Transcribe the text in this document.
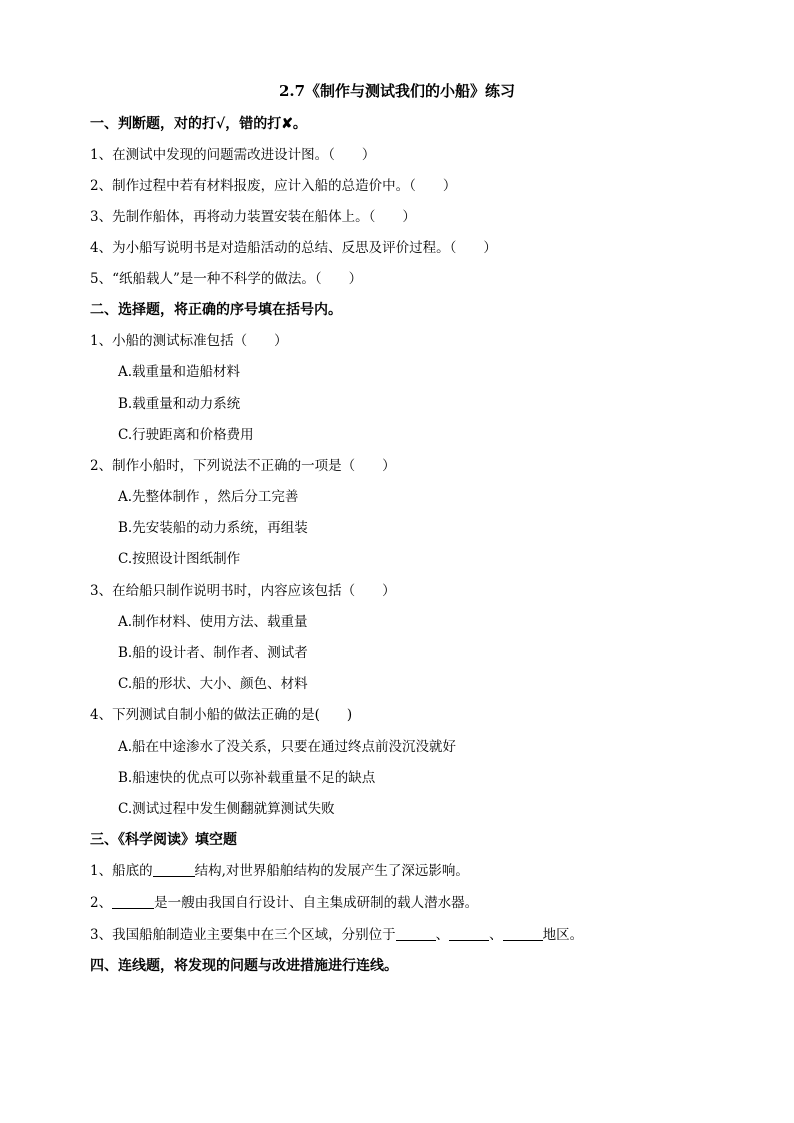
2.7《制作与测试我们的小船》练习
一、判断题，对的打√，错的打✘。
1、在测试中发现的问题需改进设计图。（　　）
2、制作过程中若有材料报废，应计入船的总造价中。（　　）
3、先制作船体，再将动力装置安装在船体上。（　　）
4、为小船写说明书是对造船活动的总结、反思及评价过程。（　　）
5、“纸船载人”是一种不科学的做法。（　　）
二、选择题，将正确的序号填在括号内。
1、小船的测试标准包括（　　）
A.载重量和造船材料
B.载重量和动力系统
C.行驶距离和价格费用
2、制作小船时，下列说法不正确的一项是（　　）
A.先整体制作 ，然后分工完善
B.先安装船的动力系统，再组装
C.按照设计图纸制作
3、在给船只制作说明书时，内容应该包括（　　）
A.制作材料、使用方法、载重量
B.船的设计者、制作者、测试者
C.船的形状、大小、颜色、材料
4、下列测试自制小船的做法正确的是(　　)
A.船在中途渗水了没关系，只要在通过终点前没沉没就好
B.船速快的优点可以弥补载重量不足的缺点
C.测试过程中发生侧翻就算测试失败
三、《科学阅读》填空题
1、船底的	结构,对世界船舶结构的发展产生了深远影响。
2、	是一艘由我国自行设计、自主集成研制的载人潜水器。
3、我国船舶制造业主要集中在三个区域，分别位于	、	、	地区。
四、连线题，将发现的问题与改进措施进行连线。
